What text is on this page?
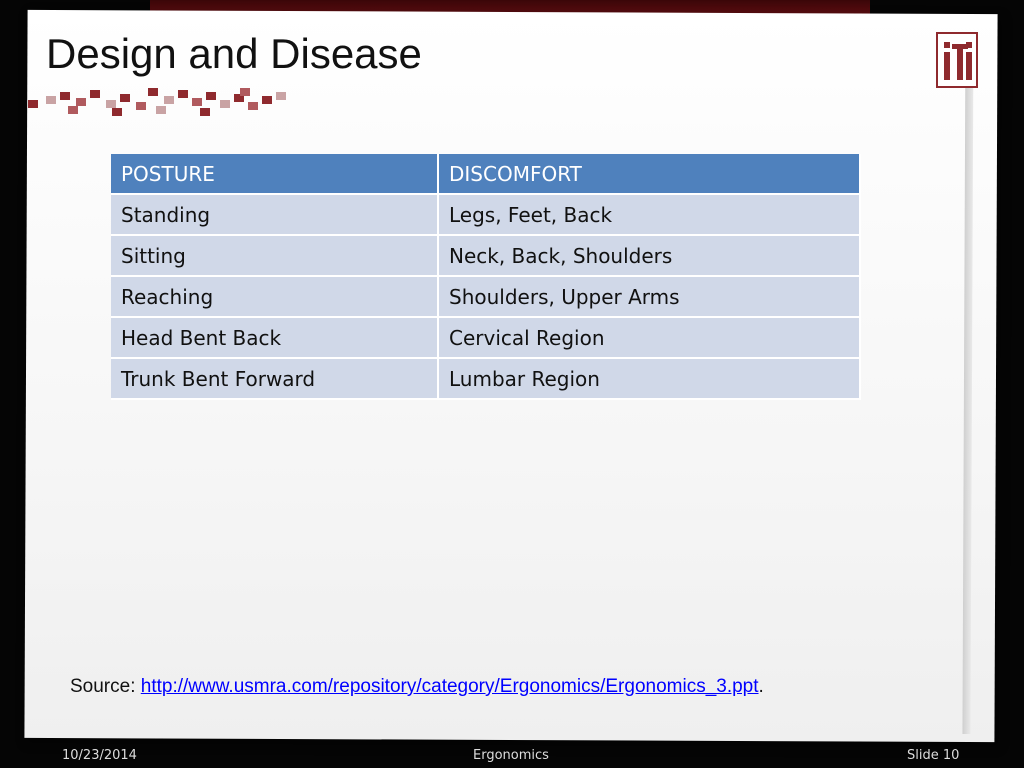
Design and Disease
POSTURE	DISCOMFORT
Standing	Legs, Feet, Back
Sitting	Neck, Back, Shoulders
Reaching	Shoulders, Upper Arms
Head Bent Back	Cervical Region
Trunk Bent Forward	Lumbar Region
Source: http://www.usmra.com/repository/category/Ergonomics/Ergonomics_3.ppt.
10/23/2014	Ergonomics	Slide 10
